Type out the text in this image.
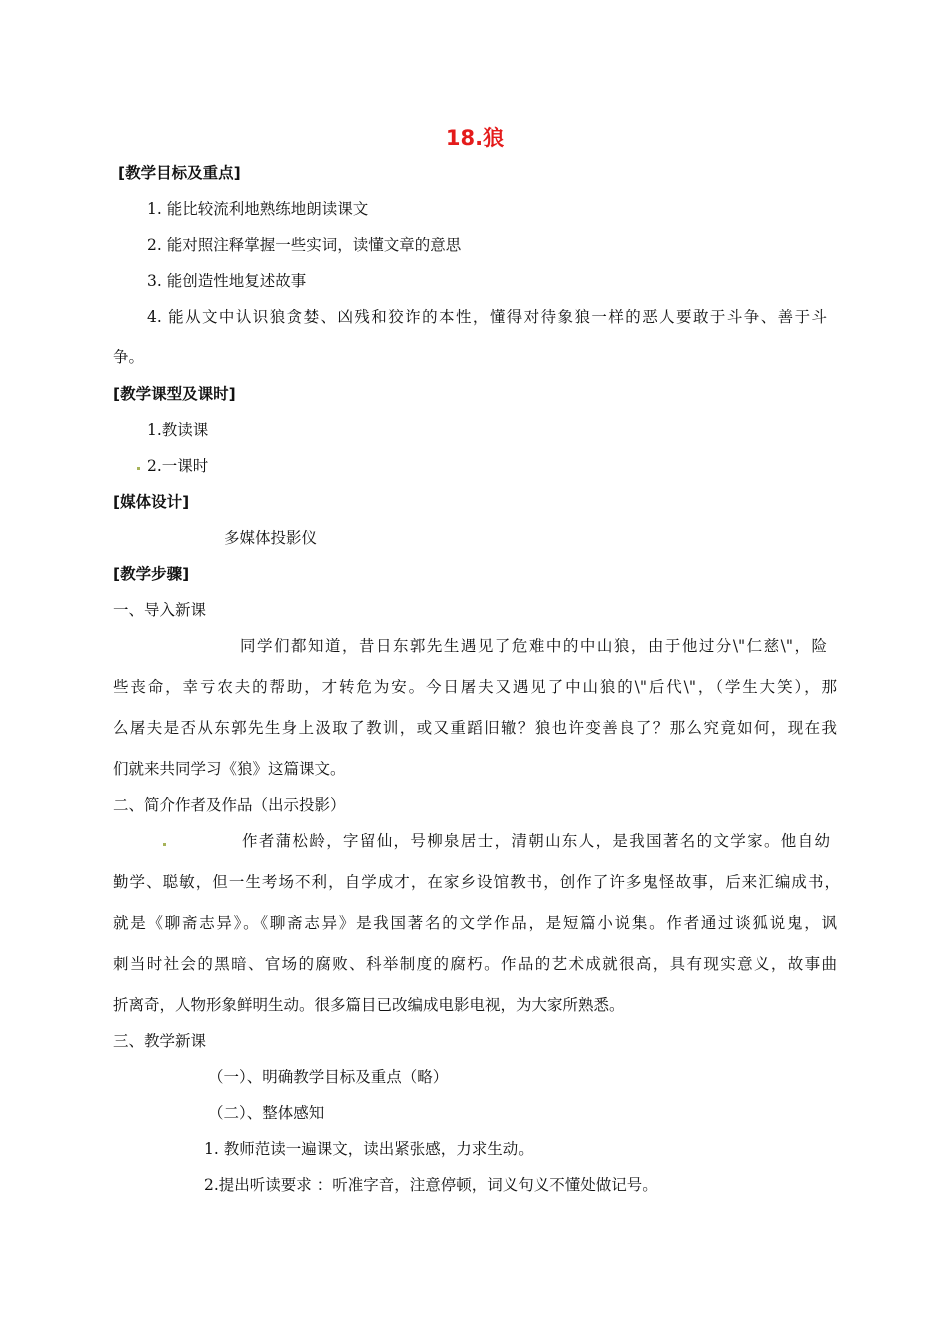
18.狼
[教学目标及重点]
1. 能比较流利地熟练地朗读课文
2. 能对照注释掌握一些实词，读懂文章的意思
3. 能创造性地复述故事
4. 能从文中认识狼贪婪、凶残和狡诈的本性，懂得对待象狼一样的恶人要敢于斗争、善于斗
争。
[教学课型及课时]
1.教读课
2.一课时
[媒体设计]
多媒体投影仪
[教学步骤]
一、导入新课
同学们都知道，昔日东郭先生遇见了危难中的中山狼，由于他过分\"仁慈\"，险
些丧命，幸亏农夫的帮助，才转危为安。今日屠夫又遇见了中山狼的\"后代\"，（学生大笑），那
么屠夫是否从东郭先生身上汲取了教训，或又重蹈旧辙？狼也许变善良了？那么究竟如何，现在我
们就来共同学习《狼》这篇课文。
二、简介作者及作品（出示投影）
作者蒲松龄，字留仙，号柳泉居士，清朝山东人，是我国著名的文学家。他自幼
勤学、聪敏，但一生考场不利，自学成才，在家乡设馆教书，创作了许多鬼怪故事，后来汇编成书，
就是《聊斋志异》。《聊斋志异》是我国著名的文学作品，是短篇小说集。作者通过谈狐说鬼，讽
刺当时社会的黑暗、官场的腐败、科举制度的腐朽。作品的艺术成就很高，具有现实意义，故事曲
折离奇，人物形象鲜明生动。很多篇目已改编成电影电视，为大家所熟悉。
三、教学新课
（一）、明确教学目标及重点（略）
（二）、整体感知
1. 教师范读一遍课文，读出紧张感，力求生动。
2.提出听读要求 ：听准字音，注意停顿，词义句义不懂处做记号。
